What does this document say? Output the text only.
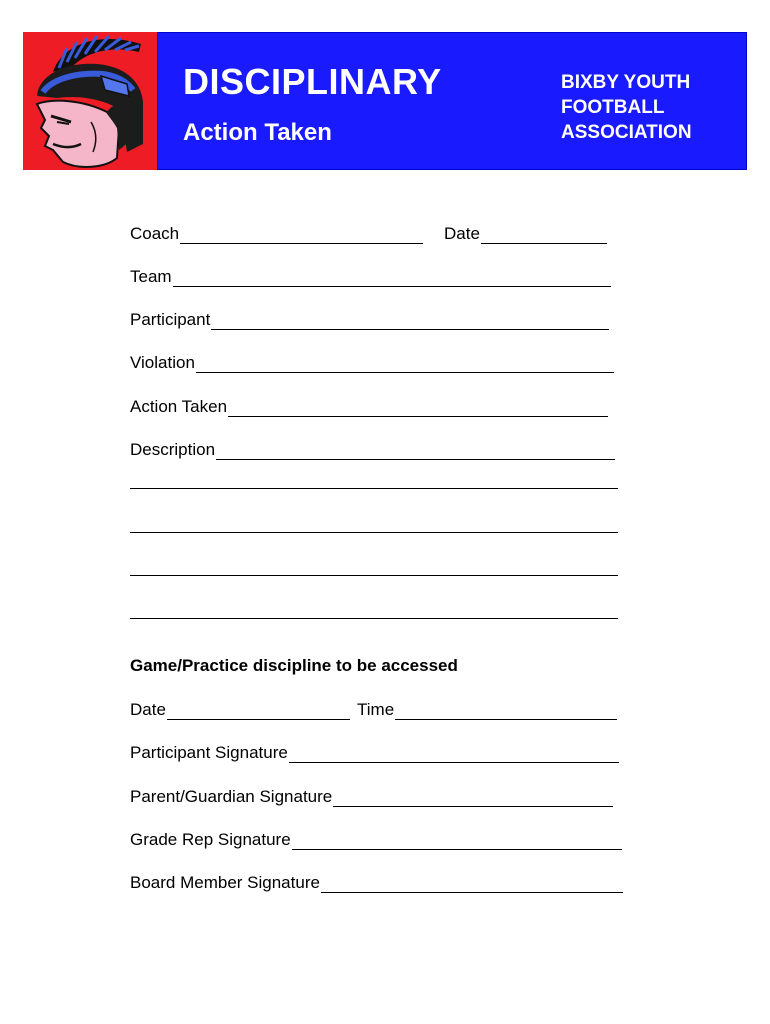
DISCIPLINARY
Action Taken
BIXBY YOUTH
FOOTBALL
ASSOCIATION
Coach	Date
Team
Participant
Violation
Action Taken
Description
Game/Practice discipline to be accessed
Date	Time
Participant Signature
Parent/Guardian Signature
Grade Rep Signature
Board Member Signature
